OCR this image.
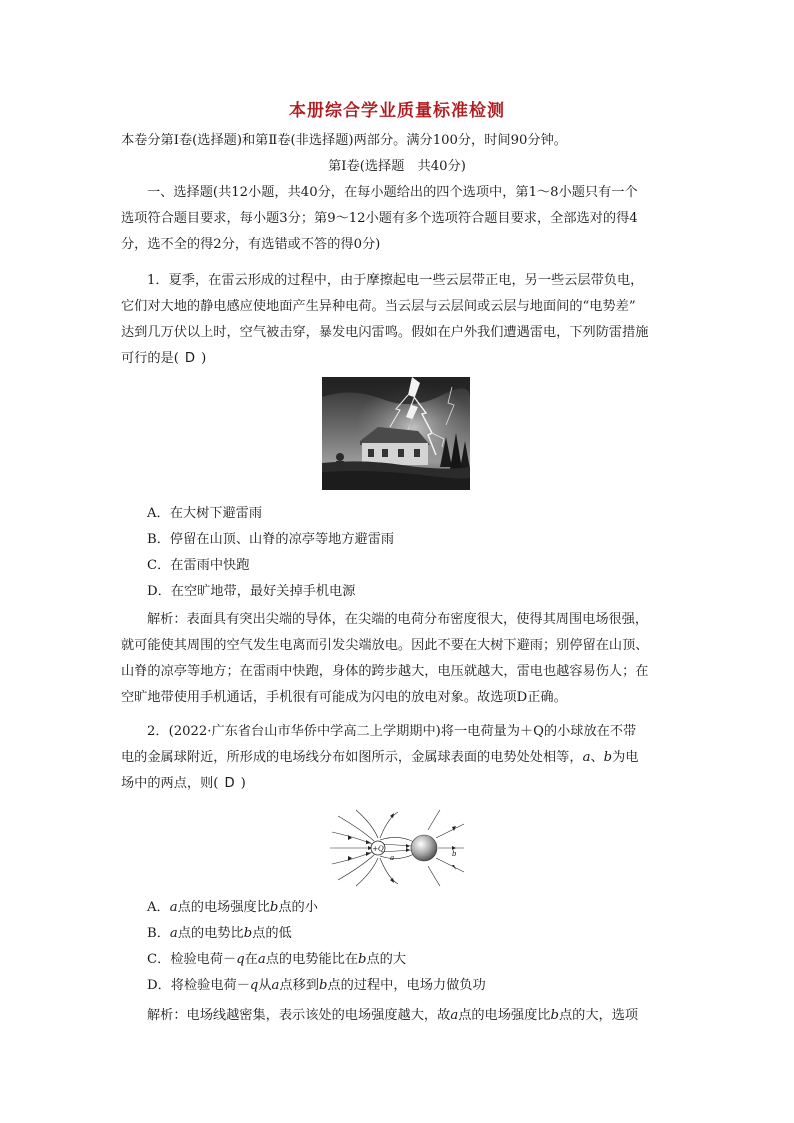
本册综合学业质量标准检测
本卷分第Ⅰ卷(选择题)和第Ⅱ卷(非选择题)两部分。满分100分，时间90分钟。
第Ⅰ卷(选择题　共40分)
一、选择题(共12小题，共40分，在每小题给出的四个选项中，第1～8小题只有一个
选项符合题目要求，每小题3分；第9～12小题有多个选项符合题目要求，全部选对的得4
分，选不全的得2分，有选错或不答的得0分)
1．夏季，在雷云形成的过程中，由于摩擦起电一些云层带正电，另一些云层带负电，
它们对大地的静电感应使地面产生异种电荷。当云层与云层间或云层与地面间的“电势差”
达到几万伏以上时，空气被击穿，暴发电闪雷鸣。假如在户外我们遭遇雷电，下列防雷措施
可行的是( D )
A．在大树下避雷雨
B．停留在山顶、山脊的凉亭等地方避雷雨
C．在雷雨中快跑
D．在空旷地带，最好关掉手机电源
解析：表面具有突出尖端的导体，在尖端的电荷分布密度很大，使得其周围电场很强，
就可能使其周围的空气发生电离而引发尖端放电。因此不要在大树下避雨；别停留在山顶、
山脊的凉亭等地方；在雷雨中快跑，身体的跨步越大，电压就越大，雷电也越容易伤人；在
空旷地带使用手机通话，手机很有可能成为闪电的放电对象。故选项D正确。
2．(2022·广东省台山市华侨中学高二上学期期中)将一电荷量为＋Q的小球放在不带
电的金属球附近，所形成的电场线分布如图所示，金属球表面的电势处处相等，a、b为电
场中的两点，则( D )
+Q
a	b
A．a点的电场强度比b点的小
B．a点的电势比b点的低
C．检验电荷－q在a点的电势能比在b点的大
D．将检验电荷－q从a点移到b点的过程中，电场力做负功
解析：电场线越密集，表示该处的电场强度越大，故a点的电场强度比b点的大，选项
